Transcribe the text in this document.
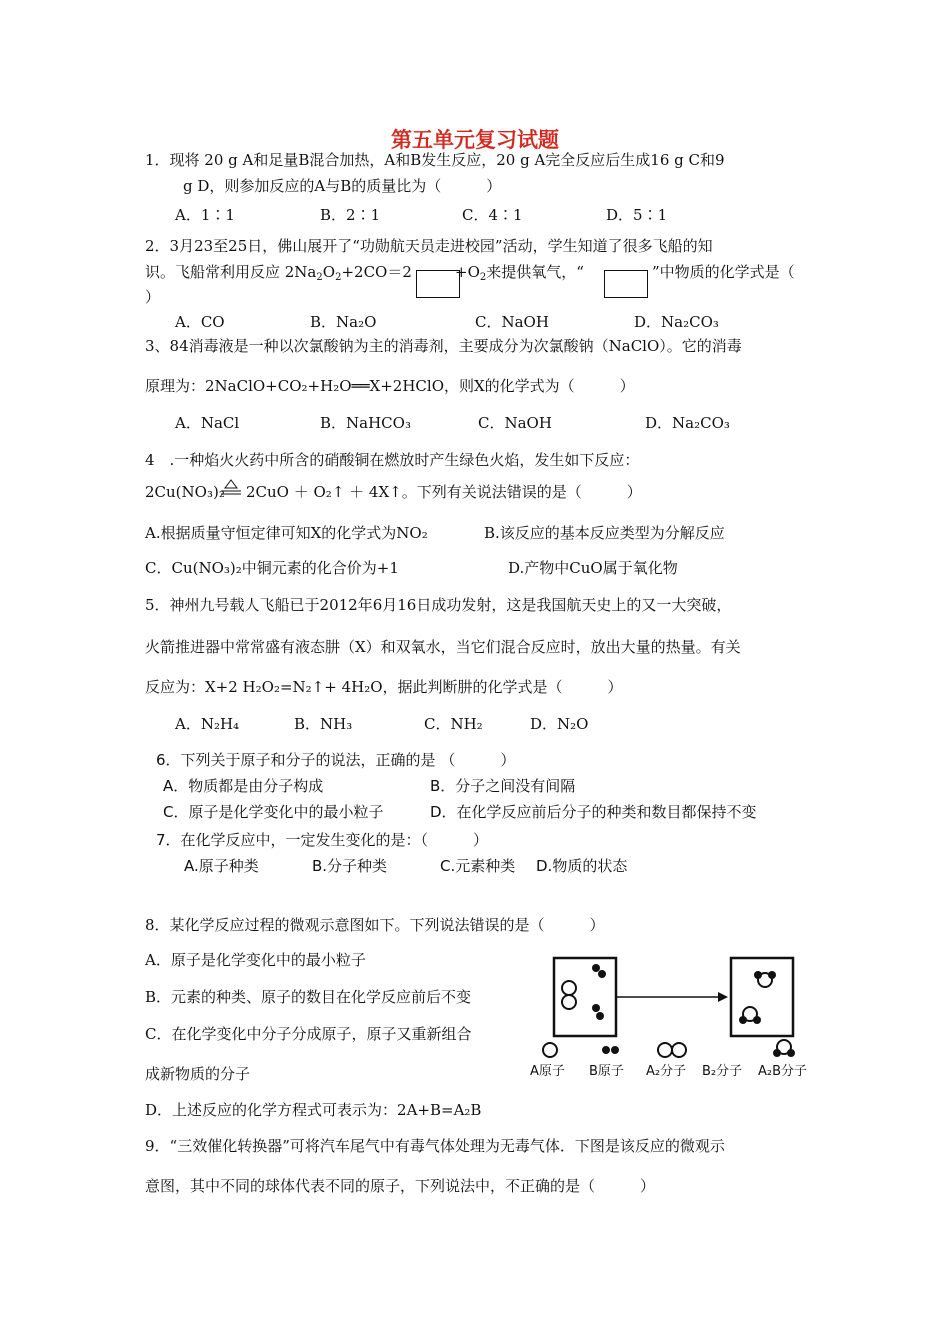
第五单元复习试题
1．现将 20 g A和足量B混合加热，A和B发生反应，20 g A完全反应后生成16 g C和9
g D，则参加反应的A与B的质量比为（　　　）
A．1∶1	B．2∶1	C．4∶1	D．5∶1
2．3月23至25日，佛山展开了“功勋航天员走进校园”活动，学生知道了很多飞船的知
识。飞船常利用反应 $2Na_2O_2+2CO=2$	$+O_2$来提供氧气，“	”中物质的化学式是（
）
A．CO	B．Na₂O	C．NaOH	D．Na₂CO₃
3、84消毒液是一种以次氯酸钠为主的消毒剂，主要成分为次氯酸钠（NaClO）。它的消毒
原理为：2NaClO+CO₂+H₂O══X+2HClO，则X的化学式为（　　　）
A．NaCl	B．NaHCO₃	C．NaOH	D．Na₂CO₃
4　.一种焰火火药中所含的硝酸铜在燃放时产生绿色火焰，发生如下反应：
2Cu(NO₃)₂ 2CuO ＋ O₂↑ ＋ 4X↑。下列有关说法错误的是（　　　）
A.根据质量守恒定律可知X的化学式为NO₂	B.该反应的基本反应类型为分解反应
C．Cu(NO₃)₂中铜元素的化合价为+1	D.产物中CuO属于氧化物
5．神州九号载人飞船已于2012年6月16日成功发射，这是我国航天史上的又一大突破，
火箭推进器中常常盛有液态肼（X）和双氧水，当它们混合反应时，放出大量的热量。有关
反应为：X+2 H₂O₂=N₂↑+ 4H₂O，据此判断肼的化学式是（　　　）
A．N₂H₄	B．NH₃	C．NH₂	D．N₂O
6．下列关于原子和分子的说法，正确的是 （　　　）
A．物质都是由分子构成	B．分子之间没有间隔
C．原子是化学变化中的最小粒子	D．在化学反应前后分子的种类和数目都保持不变
7．在化学反应中，一定发生变化的是：（　　　）
A.原子种类	B.分子种类	C.元素种类 D.物质的状态
8．某化学反应过程的微观示意图如下。下列说法错误的是（　　　）
A．原子是化学变化中的最小粒子
B．元素的种类、原子的数目在化学反应前后不变
C．在化学变化中分子分成原子，原子又重新组合
成新物质的分子
D．上述反应的化学方程式可表示为：2A+B=A₂B
A原子 B原子 A₂分子 B₂分子 A₂B分子
9．“三效催化转换器”可将汽车尾气中有毒气体处理为无毒气体．下图是该反应的微观示
意图，其中不同的球体代表不同的原子，下列说法中，不正确的是（　　　）
